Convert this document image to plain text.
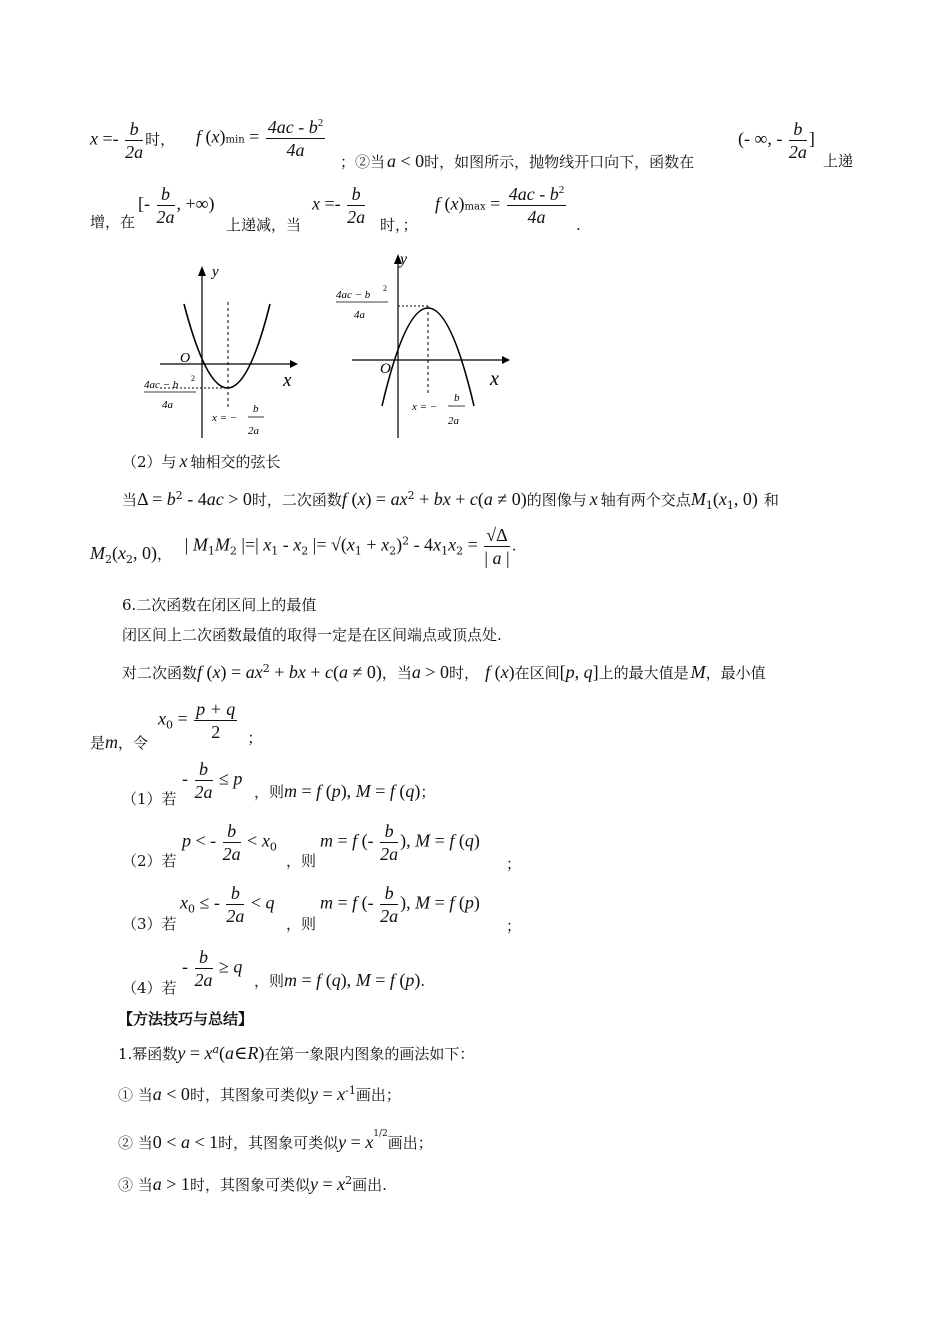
$x =- \frac{b}{2a}$ 时， f $(x)\min = \frac{4ac - b^2}{4a}$
；②当 a < 0时，如图所示，抛物线开口向下，函数在
(- ∞, - $\frac{b}{2a}$ ]
上递
增，在
[- $\frac{b}{2a}$ , +∞)
上递减，当
$x =- \frac{b}{2a}$ 时，；
f $(x)\max = \frac{4ac - b^2}{4a}$ .
y
x
O
4ac − b
2
4a
x = −
b
2a
y
x
O
4ac − b
2
4a
x = −
b
2a
（2）与 x 轴相交的弦长
当$\Delta = b^2 - 4ac > 0$时，二次函数f $(x) = ax^2$ + bx + c(a ≠ 0)的图像与 x 轴有两个交点$M_1(x_1$, 0) 和
$M_2(x_2$, 0)， | $M_1M_2$ |=| $x_1 - x_2$ |= $√(x_1 + x_2)^2 - 4x_1x_2 = \frac{√\Delta}{| a |}$ .
6.二次函数在闭区间上的最值
闭区间上二次函数最值的取得一定是在区间端点或顶点处.
对二次函数f $(x) = ax^2$ + bx + c(a ≠ 0)，当a > 0时， f (x)在区间[p, q]上的最大值是 M，最小值
是m，令
$x_0 = \frac{p + q}{2}$ ；
（1）若
- $\frac{b}{2a} \le p$
，则m = f (p), M = f (q)；
（2）若
p < - $\frac{b}{2a} < x_0$
，则
m = f (- $\frac{b}{2a}$ ), M = f (q)
；
（3）若
$x_0$ ≤ - $\frac{b}{2a} < q$
，则
m = f (- $\frac{b}{2a}$ ), M = f (p)
；
（4）若
- $\frac{b}{2a} \ge q$
，则m = f (q), M = f (p).
【方法技巧与总结】
1.幂函数$y = x^a(a\in R)$在第一象限内图象的画法如下：
① 当a < 0时，其图象可类似$y = x^{-1}$画出；
② 当0 < a < 1时，其图象可类似$y = x^{1/2}$画出；
③ 当a > 1时，其图象可类似$y = x^2$画出.
